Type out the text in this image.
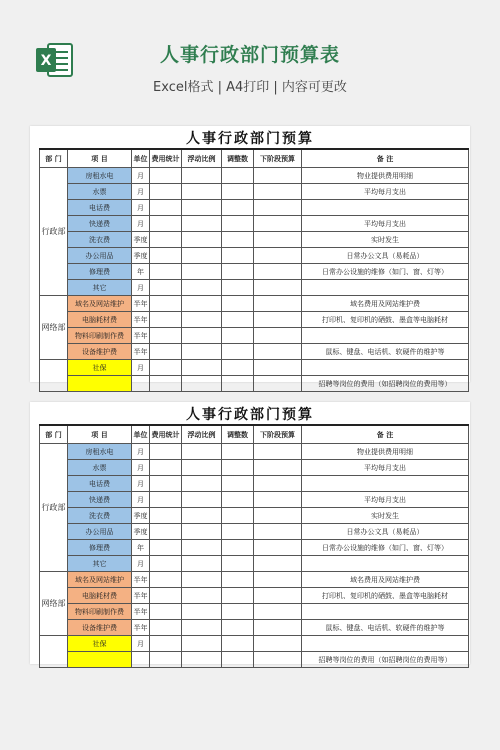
X	人事行政部门预算表
Excel格式 | A4打印 | 内容可更改
人事行政部门预算
部 门	项 目	单位	费用统计	浮动比例	调整数	下阶段预算	备 注
行政部	房租水电	月					物业提供费用明细
	水票	月					平均每月支出
	电话费	月					
	快递费	月					平均每月支出
	洗衣费	季度					实时发生
	办公用品	季度					日常办公文具（易耗品）
	修理费	年					日常办公设施的维修（如门、窗、灯等）
	其它	月					
网络部	域名及网站维护	半年					域名费用及网站维护费
	电脑耗材费	半年					打印机、复印机的硒鼓、墨盒等电脑耗材
	物料印刷制作费	半年					
	设备维护费	半年					鼠标、键盘、电话机、软硬件的维护等
	社保	月					
							招聘等岗位的费用（如招聘岗位的费用等）
人事行政部门预算
部 门	项 目	单位	费用统计	浮动比例	调整数	下阶段预算	备 注
行政部	房租水电	月					物业提供费用明细
	水票	月					平均每月支出
	电话费	月					
	快递费	月					平均每月支出
	洗衣费	季度					实时发生
	办公用品	季度					日常办公文具（易耗品）
	修理费	年					日常办公设施的维修（如门、窗、灯等）
	其它	月					
网络部	域名及网站维护	半年					域名费用及网站维护费
	电脑耗材费	半年					打印机、复印机的硒鼓、墨盒等电脑耗材
	物料印刷制作费	半年					
	设备维护费	半年					鼠标、键盘、电话机、软硬件的维护等
	社保	月					
							招聘等岗位的费用（如招聘岗位的费用等）
